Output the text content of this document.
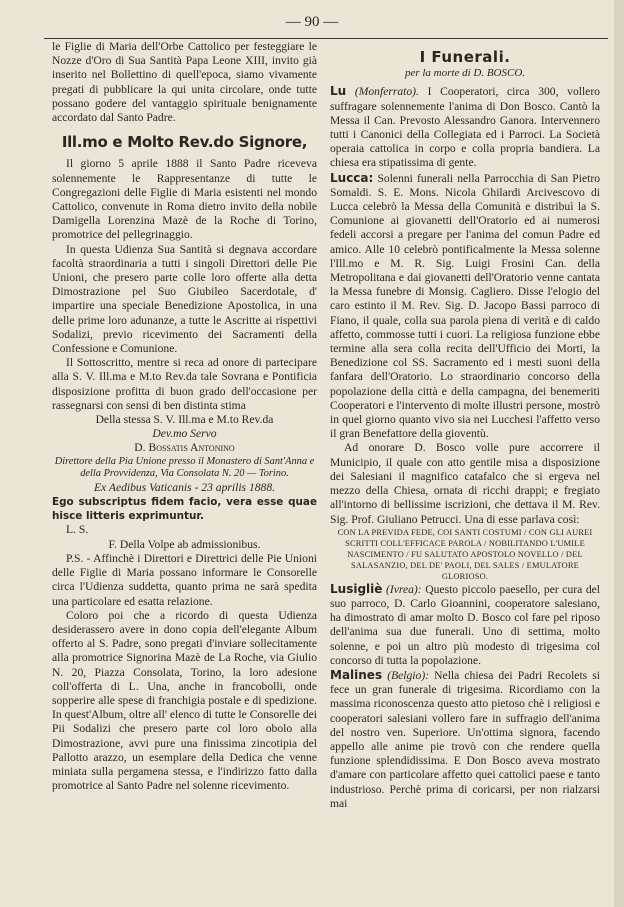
— 90 —

le Figlie di Maria dell'Orbe Cattolico per festeggiare le Nozze d'Oro di Sua Santità Papa Leone XIII, invito già inserito nel Bollettino di quell'epoca, siamo vivamente pregati di pubblicare la qui unita circolare, onde tutte possano godere del vantaggio spirituale benignamente accordato dal Santo Padre.

Ill.mo e Molto Rev.do Signore,

Il giorno 5 aprile 1888 il Santo Padre riceveva solennemente le Rappresentanze di tutte le Congregazioni delle Figlie di Maria esistenti nel mondo Cattolico, convenute in Roma dietro invito della nobile Damigella Lorenzina Mazè de la Roche di Torino, promotrice del pellegrinaggio.

In questa Udienza Sua Santità si degnava accordare facoltà straordinaria a tutti i singoli Direttori delle Pie Unioni, che presero parte colle loro offerte alla detta Dimostrazione pel Suo Giubileo Sacerdotale, d' impartire una speciale Benedizione Apostolica, in una delle prime loro adunanze, a tutte le Ascritte ai rispettivi Sodalizi, previo ricevimento dei Sacramenti della Confessione e Comunione.

Il Sottoscritto, mentre si reca ad onore di partecipare alla S. V. Ill.ma e M.to Rev.da tale Sovrana e Pontificia disposizione profitta di buon grado dell'occasione per rassegnarsi con sensi di ben distinta stima

Della stessa S. V. Ill.ma e M.to Rev.da

Dev.mo Servo

D. Bossatis Antonino

Direttore della Pia Unione presso il Monastero di Sant'Anna e della Provvidenza, Via Consolata N. 20 — Torino.

Ex Aedibus Vaticanis - 23 aprilis 1888.

Ego subscriptus fidem facio, vera esse quae hisce litteris exprimuntur.

L. S.

F. Della Volpe ab admissionibus.

P.S. - Affinchè i Direttori e Direttrici delle Pie Unioni delle Figlie di Maria possano informare le Consorelle circa l'Udienza suddetta, quanto prima ne sarà spedita una particolare ed esatta relazione.

Coloro poi che a ricordo di questa Udienza desiderassero avere in dono copia dell'elegante Album offerto al S. Padre, sono pregati d'inviare sollecitamente alla promotrice Signorina Mazè de La Roche, via Giulio N. 20, Piazza Consolata, Torino, la loro adesione coll'offerta di L. Una, anche in francobolli, onde sopperire alle spese di franchigia postale e di spedizione. In quest'Album, oltre all' elenco di tutte le Consorelle dei Pii Sodalizi che presero parte col loro obolo alla Dimostrazione, avvi pure una finissima zincotipia del Pallotto arazzo, un esemplare della Dedica che venne miniata sulla pergamena stessa, e l'indirizzo fatto dalla promotrice al Santo Padre nel solenne ricevimento.

I Funerali.
per la morte di D. BOSCO.

Lu (Monferrato). I Cooperatori, circa 300, vollero suffragare solennemente l'anima di Don Bosco. Cantò la Messa il Can. Prevosto Alessandro Ganora. Intervennero tutti i Canonici della Collegiata ed i Parroci. La Società operaia cattolica in corpo e colla propria bandiera. La chiesa era stipatissima di gente.

Lucca: Solenni funerali nella Parrocchia di San Pietro Somaldi. S. E. Mons. Nicola Ghilardi Arcivescovo di Lucca celebrò la Messa della Comunità e distribuì la S. Comunione ai giovanetti dell'Oratorio ed ai numerosi fedeli accorsi a pregare per l'anima del comun Padre ed amico. Alle 10 celebrò pontificalmente la Messa solenne l'Ill.mo e M. R. Sig. Luigi Frosini Can. della Metropolitana e dai giovanetti dell'Oratorio venne cantata la Messa funebre di Monsig. Cagliero. Disse l'elogio del caro estinto il M. Rev. Sig. D. Jacopo Bassi parroco di Fiano, il quale, colla sua parola piena di verità e di caldo affetto, commosse tutti i cuori. La religiosa funzione ebbe termine alla sera colla recita dell'Ufficio dei Morti, la Benedizione col SS. Sacramento ed i mesti suoni della fanfara dell'Oratorio. Lo straordinario concorso della popolazione della città e della campagna, dei benemeriti Cooperatori e l'intervento di molte illustri persone, mostrò in quel giorno quanto vivo sia nei Lucchesi l'affetto verso il gran Benefattore della gioventù.

Ad onorare D. Bosco volle pure accorrere il Municipio, il quale con atto gentile misa a disposizione dei Salesiani il magnifico catafalco che si ergeva nel mezzo della Chiesa, ornata di ricchi drappi; e fregiato all'intorno di bellissime iscrizioni, che dettava il M. Rev. Sig. Prof. Giuliano Petrucci. Una di esse parlava così:

CON LA PREVIDA FEDE, COI SANTI COSTUMI / CON GLI AUREI SCRITTI COLL'EFFICACE PAROLA / NOBILITANDO L'UMILE NASCIMENTO / FU SALUTATO APOSTOLO NOVELLO / DEL SALASANZIO, DEL DE' PAOLI, DEL SALES / EMULATORE GLORIOSO.

Lusigliè (Ivrea): Questo piccolo paesello, per cura del suo parroco, D. Carlo Gioannini, cooperatore salesiano, ha dimostrato di amar molto D. Bosco col fare pel riposo dell'anima sua due funerali. Uno di settima, molto solenne, e poi un altro più modesto di trigesima col concorso di tutta la popolazione.

Malines (Belgio): Nella chiesa dei Padri Recolets si fece un gran funerale di trigesima. Ricordiamo con la massima riconoscenza questo atto pietoso chè i religiosi e cooperatori salesiani vollero fare in suffragio dell'anima del nostro ven. Superiore. Un'ottima signora, facendo appello alle anime pie trovò con che rendere quella funzione splendidissima. E Don Bosco aveva mostrato d'amare con particolare affetto quei cattolici paese e tanto industrioso. Perchè prima di coricarsi, per non rialzarsi mai
